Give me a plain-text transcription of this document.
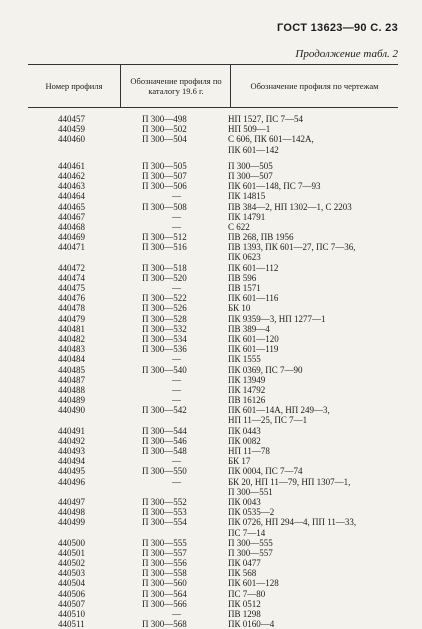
ГОСТ 13623—90 С. 23
Продолжение табл. 2
Номер профиля	Обозначение профиля по каталогу 19.6 г.	Обозначение профиля по чертежам
440457	П 300—498	НП 1527, ПС 7—54
440459	П 300—502	НП 509—1
440460	П 300—504	С 606, ПК 601—142А,
ПК 601—142
440461	П 300—505	П 300—505
440462	П 300—507	П 300—507
440463	П 300—506	ПК 601—148, ПС 7—93
440464	—	ПК 14815
440465	П 300—508	ПВ 384—2, НП 1302—1, С 2203
440467	—	ПК 14791
440468	—	С 622
440469	П 300—512	ПВ 268, ПВ 1956
440471	П 300—516	ПВ 1393, ПК 601—27, ПС 7—36,
ПК 0623
440472	П 300—518	ПК 601—112
440474	П 300—520	ПВ 596
440475	—	ПВ 1571
440476	П 300—522	ПК 601—116
440478	П 300—526	БК 10
440479	П 300—528	ПК 9359—3, НП 1277—1
440481	П 300—532	ПВ 389—4
440482	П 300—534	ПК 601—120
440483	П 300—536	ПК 601—119
440484	—	ПК 1555
440485	П 300—540	ПК 0369, ПС 7—90
440487	—	ПК 13949
440488	—	ПК 14792
440489	—	ПВ 16126
440490	П 300—542	ПК 601—14А, НП 249—3,
НП 11—25, ПС 7—1
440491	П 300—544	ПК 0443
440492	П 300—546	ПК 0082
440493	П 300—548	НП 11—78
440494	—	БК 17
440495	П 300—550	ПК 0004, ПС 7—74
440496	—	БК 20, НП 11—79, НП 1307—1,
П 300—551
440497	П 300—552	ПК 0043
440498	П 300—553	ПК 0535—2
440499	П 300—554	ПК 0726, НП 294—4, ПП 11—33,
ПС 7—14
440500	П 300—555	П 300—555
440501	П 300—557	П 300—557
440502	П 300—556	ПК 0477
440503	П 300—558	ПК 568
440504	П 300—560	ПК 601—128
440506	П 300—564	ПС 7—80
440507	П 300—566	ПК 0512
440510	—	ПВ 1298
440511	П 300—568	ПК 0160—4
